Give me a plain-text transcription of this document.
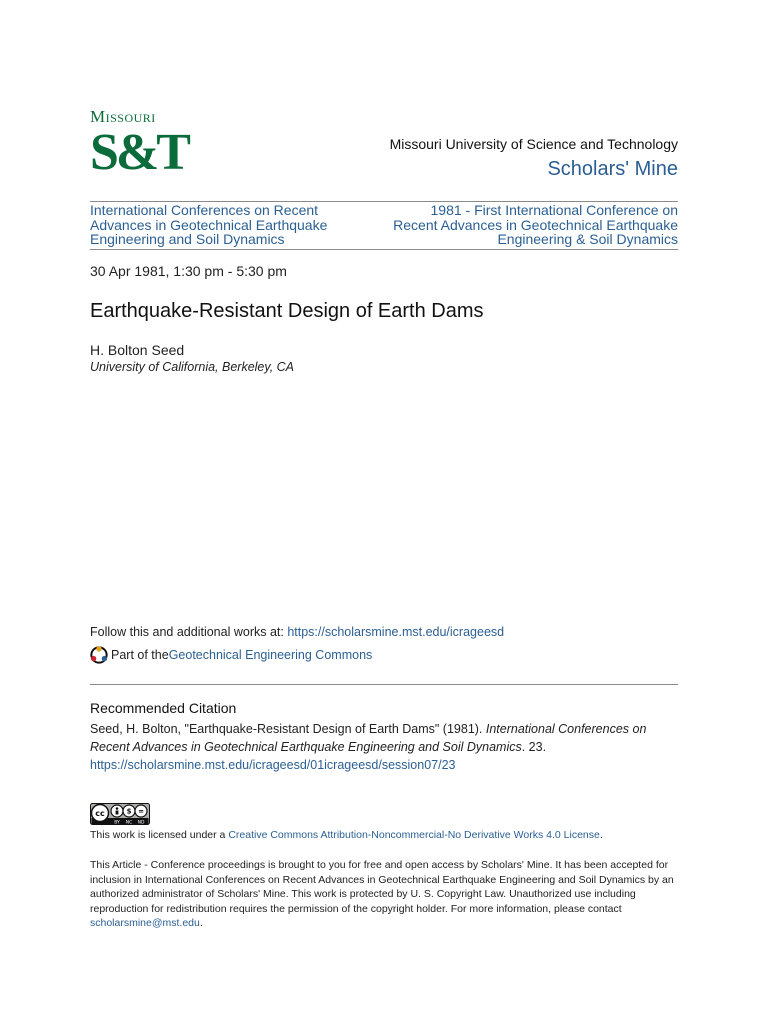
Missouri
S&T	Missouri University of Science and Technology
Scholars' Mine
International Conferences on Recent Advances in Geotechnical Earthquake Engineering and Soil Dynamics
1981 - First International Conference on Recent Advances in Geotechnical Earthquake Engineering & Soil Dynamics
30 Apr 1981, 1:30 pm - 5:30 pm
Earthquake-Resistant Design of Earth Dams
H. Bolton Seed
University of California, Berkeley, CA
Follow this and additional works at: https://scholarsmine.mst.edu/icrageesd
Part of the Geotechnical Engineering Commons
Recommended Citation
Seed, H. Bolton, "Earthquake-Resistant Design of Earth Dams" (1981). International Conferences on Recent Advances in Geotechnical Earthquake Engineering and Soil Dynamics. 23.
https://scholarsmine.mst.edu/icrageesd/01icrageesd/session07/23
cc	$ =
BY NC ND
This work is licensed under a Creative Commons Attribution-Noncommercial-No Derivative Works 4.0 License.
This Article - Conference proceedings is brought to you for free and open access by Scholars' Mine. It has been accepted for inclusion in International Conferences on Recent Advances in Geotechnical Earthquake Engineering and Soil Dynamics by an authorized administrator of Scholars' Mine. This work is protected by U. S. Copyright Law. Unauthorized use including reproduction for redistribution requires the permission of the copyright holder. For more information, please contact scholarsmine@mst.edu.
